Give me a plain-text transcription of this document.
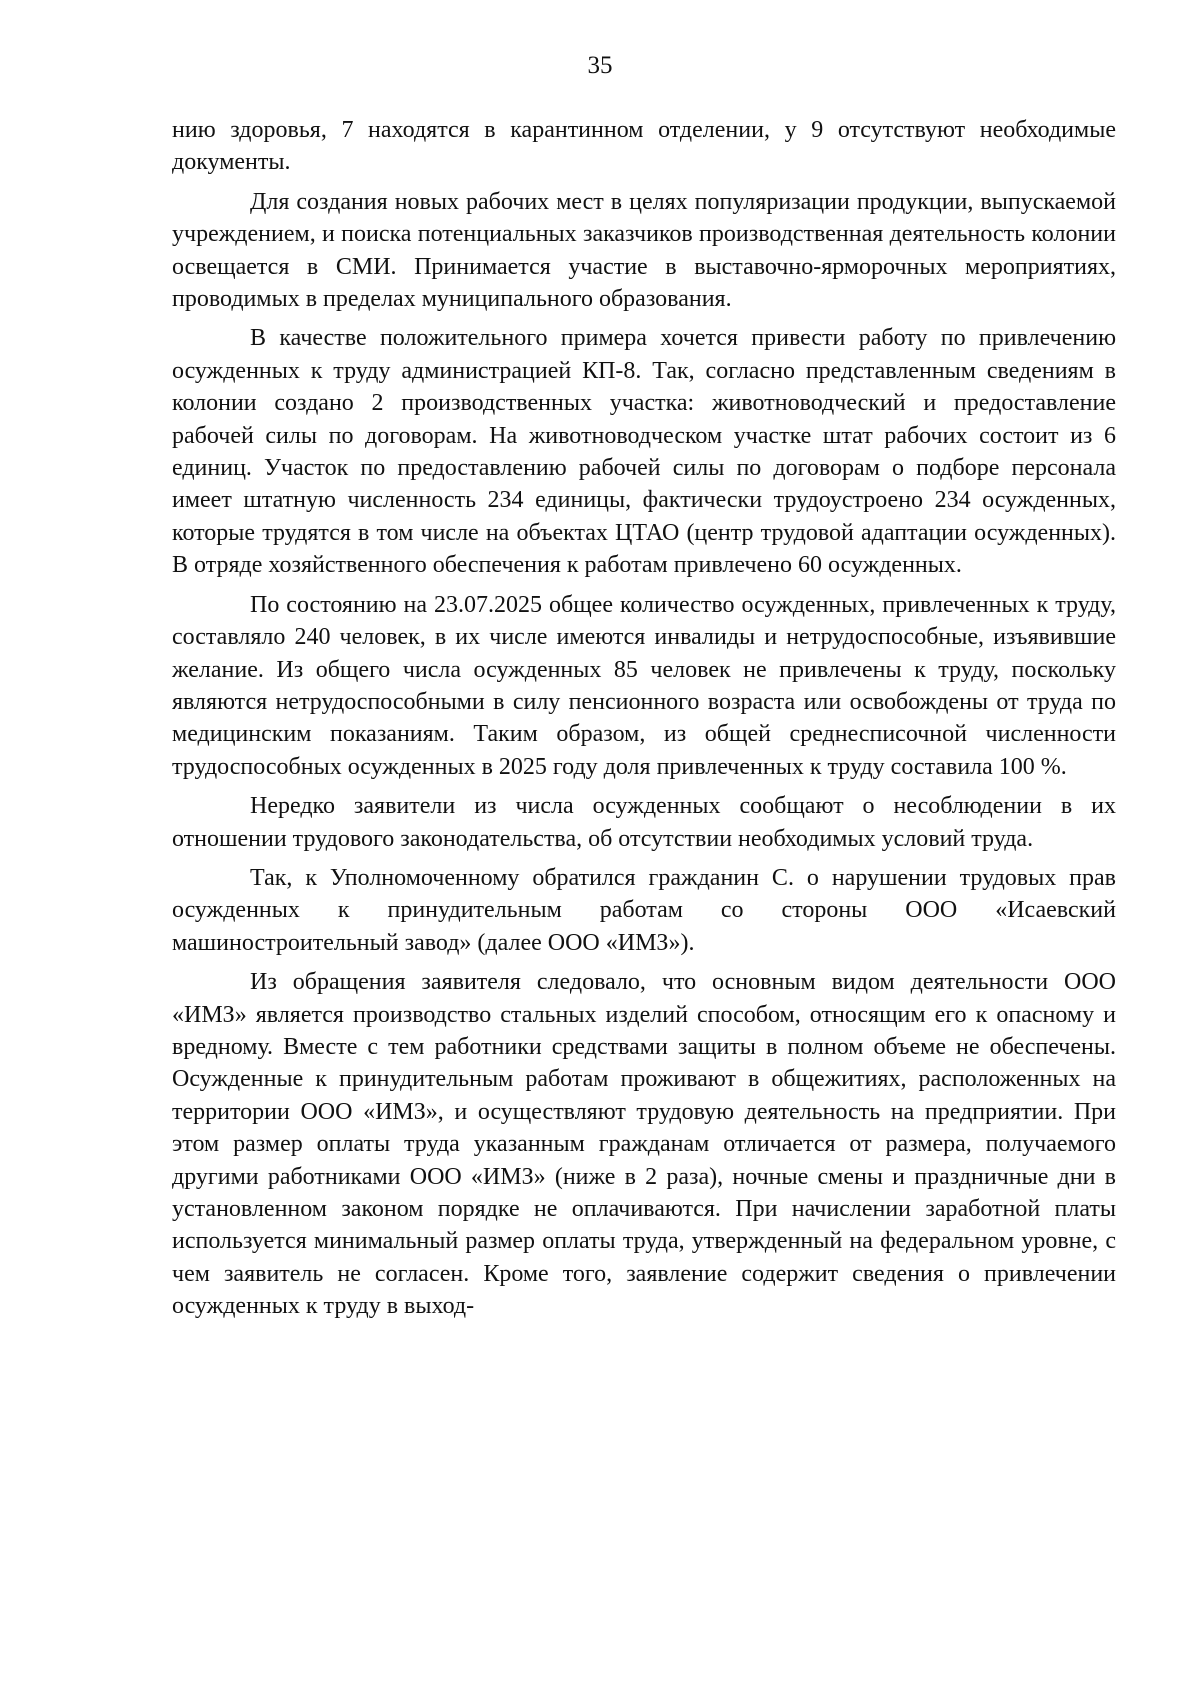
35

нию здоровья, 7 находятся в карантинном отделении, у 9 отсутствуют необходимые документы.

Для создания новых рабочих мест в целях популяризации продукции, выпускаемой учреждением, и поиска потенциальных заказчиков производственная деятельность колонии освещается в СМИ. Принимается участие в выставочно-ярморочных мероприятиях, проводимых в пределах муниципального образования.

В качестве положительного примера хочется привести работу по привлечению осужденных к труду администрацией КП-8. Так, согласно представленным сведениям в колонии создано 2 производственных участка: животноводческий и предоставление рабочей силы по договорам. На животноводческом участке штат рабочих состоит из 6 единиц. Участок по предоставлению рабочей силы по договорам о подборе персонала имеет штатную численность 234 единицы, фактически трудоустроено 234 осужденных, которые трудятся в том числе на объектах ЦТАО (центр трудовой адаптации осужденных). В отряде хозяйственного обеспечения к работам привлечено 60 осужденных.

По состоянию на 23.07.2025 общее количество осужденных, привлеченных к труду, составляло 240 человек, в их числе имеются инвалиды и нетрудоспособные, изъявившие желание. Из общего числа осужденных 85 человек не привлечены к труду, поскольку являются нетрудоспособными в силу пенсионного возраста или освобождены от труда по медицинским показаниям. Таким образом, из общей среднесписочной численности трудоспособных осужденных в 2025 году доля привлеченных к труду составила 100 %.

Нередко заявители из числа осужденных сообщают о несоблюдении в их отношении трудового законодательства, об отсутствии необходимых условий труда.

Так, к Уполномоченному обратился гражданин С. о нарушении трудовых прав осужденных к принудительным работам со стороны ООО «Исаевский машиностроительный завод» (далее ООО «ИМЗ»).

Из обращения заявителя следовало, что основным видом деятельности ООО «ИМЗ» является производство стальных изделий способом, относящим его к опасному и вредному. Вместе с тем работники средствами защиты в полном объеме не обеспечены. Осужденные к принудительным работам проживают в общежитиях, расположенных на территории ООО «ИМЗ», и осуществляют трудовую деятельность на предприятии. При этом размер оплаты труда указанным гражданам отличается от размера, получаемого другими работниками ООО «ИМЗ» (ниже в 2 раза), ночные смены и праздничные дни в установленном законом порядке не оплачиваются. При начислении заработной платы используется минимальный размер оплаты труда, утвержденный на федеральном уровне, с чем заявитель не согласен. Кроме того, заявление содержит сведения о привлечении осужденных к труду в выход-
